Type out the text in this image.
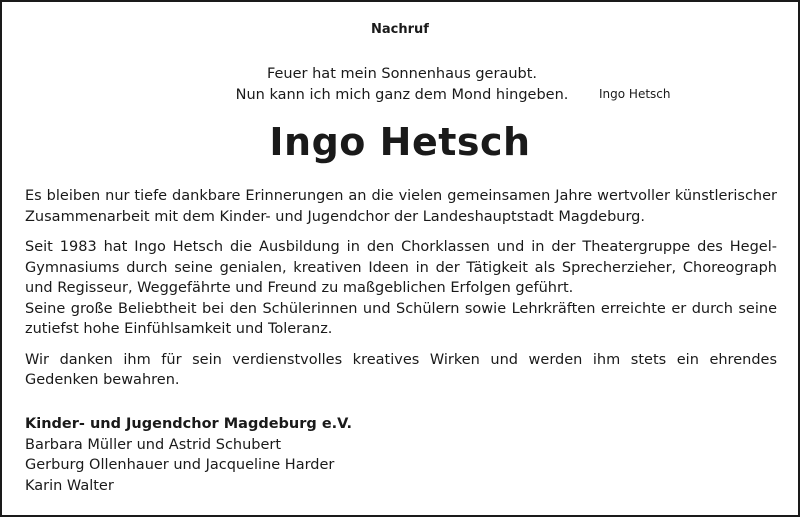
Nachruf
Feuer hat mein Sonnenhaus geraubt.
Nun kann ich mich ganz dem Mond hingeben.	Ingo Hetsch
Ingo Hetsch

Es bleiben nur tiefe dankbare Erinnerungen an die vielen gemeinsamen Jahre wertvoller künstlerischer Zusammenarbeit mit dem Kinder- und Jugendchor der Landeshauptstadt Magdeburg.

Seit 1983 hat Ingo Hetsch die Ausbildung in den Chorklassen und in der Theatergruppe des Hegel-Gymnasiums durch seine genialen, kreativen Ideen in der Tätigkeit als Sprecherzieher, Choreograph und Regisseur, Weggefährte und Freund zu maßgeblichen Erfolgen geführt.

Seine große Beliebtheit bei den Schülerinnen und Schülern sowie Lehrkräften erreichte er durch seine zutiefst hohe Einfühlsamkeit und Toleranz.

Wir danken ihm für sein verdienstvolles kreatives Wirken und werden ihm stets ein ehrendes Gedenken bewahren.

Kinder- und Jugendchor Magdeburg e.V.
Barbara Müller und Astrid Schubert
Gerburg Ollenhauer und Jacqueline Harder
Karin Walter
